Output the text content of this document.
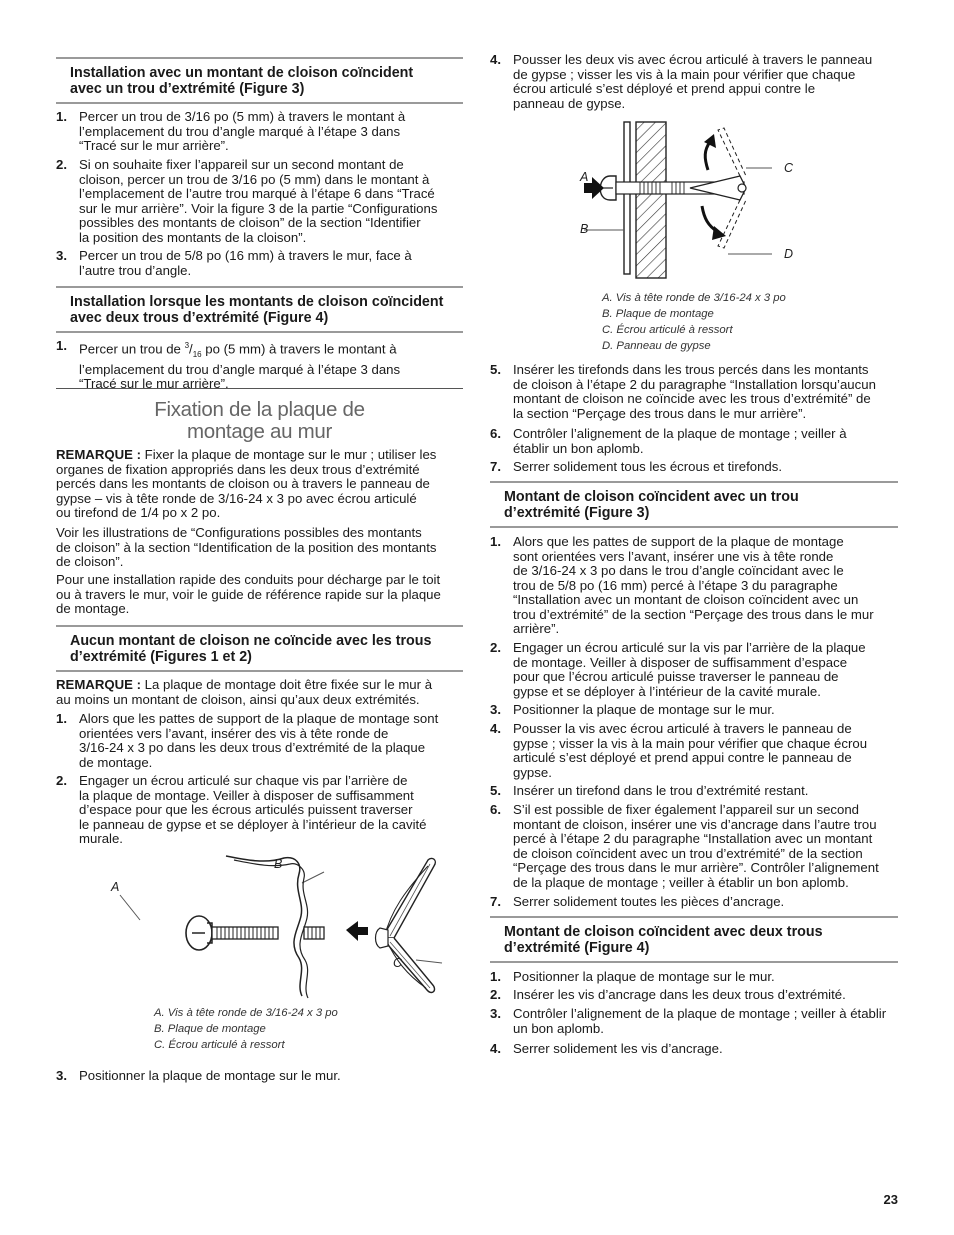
Installation avec un montant de cloison coïncident
avec un trou d’extrémité (Figure 3)
1. Percer un trou de 3/16 po (5 mm) à travers le montant à
l’emplacement du trou d’angle marqué à l’étape 3 dans
“Tracé sur le mur arrière”.
2. Si on souhaite fixer l’appareil sur un second montant de
cloison, percer un trou de 3/16 po (5 mm) dans le montant à
l’emplacement de l’autre trou marqué à l’étape 6 dans “Tracé
sur le mur arrière”. Voir la figure 3 de la partie “Configurations
possibles des montants de cloison” de la section “Identifier
la position des montants de la cloison”.
3. Percer un trou de 5/8 po (16 mm) à travers le mur, face à
l’autre trou d’angle.
Installation lorsque les montants de cloison coïncident
avec deux trous d’extrémité (Figure 4)
1. Percer un trou de $^3/_{16}$ po (5 mm) à travers le montant à
l’emplacement du trou d’angle marqué à l’étape 3 dans
“Tracé sur le mur arrière”.
Fixation de la plaque de
montage au mur
REMARQUE : Fixer la plaque de montage sur le mur ; utiliser les
organes de fixation appropriés dans les deux trous d’extrémité
percés dans les montants de cloison ou à travers le panneau de
gypse – vis à tête ronde de 3/16-24 x 3 po avec écrou articulé
ou tirefond de 1/4 po x 2 po.
Voir les illustrations de “Configurations possibles des montants
de cloison” à la section “Identification de la position des montants
de cloison”.
Pour une installation rapide des conduits pour décharge par le toit
ou à travers le mur, voir le guide de référence rapide sur la plaque
de montage.
Aucun montant de cloison ne coïncide avec les trous
d’extrémité (Figures 1 et 2)
REMARQUE : La plaque de montage doit être fixée sur le mur à
au moins un montant de cloison, ainsi qu’aux deux extrémités.
1. Alors que les pattes de support de la plaque de montage sont
orientées vers l’avant, insérer des vis à tête ronde de
3/16-24 x 3 po dans les deux trous d’extrémité de la plaque
de montage.
2. Engager un écrou articulé sur chaque vis par l’arrière de
la plaque de montage. Veiller à disposer de suffisamment
d’espace pour que les écrous articulés puissent traverser
le panneau de gypse et se déployer à l’intérieur de la cavité
murale.
A
B
C
A. Vis à tête ronde de 3/16-24 x 3 po
B. Plaque de montage
C. Écrou articulé à ressort
3. Positionner la plaque de montage sur le mur.
4. Pousser les deux vis avec écrou articulé à travers le panneau
de gypse ; visser les vis à la main pour vérifier que chaque
écrou articulé s’est déployé et prend appui contre le
panneau de gypse.
A
B
C
D
A. Vis à tête ronde de 3/16-24 x 3 po
B. Plaque de montage
C. Écrou articulé à ressort
D. Panneau de gypse
5. Insérer les tirefonds dans les trous percés dans les montants
de cloison à l’étape 2 du paragraphe “Installation lorsqu’aucun
montant de cloison ne coïncide avec les trous d’extrémité” de
la section “Perçage des trous dans le mur arrière”.
6. Contrôler l’alignement de la plaque de montage ; veiller à
établir un bon aplomb.
7. Serrer solidement tous les écrous et tirefonds.
Montant de cloison coïncident avec un trou
d’extrémité (Figure 3)
1. Alors que les pattes de support de la plaque de montage
sont orientées vers l’avant, insérer une vis à tête ronde
de 3/16-24 x 3 po dans le trou d’angle coïncidant avec le
trou de 5/8 po (16 mm) percé à l’étape 3 du paragraphe
“Installation avec un montant de cloison coïncident avec un
trou d’extrémité” de la section “Perçage des trous dans le mur
arrière”.
2. Engager un écrou articulé sur la vis par l’arrière de la plaque
de montage. Veiller à disposer de suffisamment d’espace
pour que l’écrou articulé puisse traverser le panneau de
gypse et se déployer à l’intérieur de la cavité murale.
3. Positionner la plaque de montage sur le mur.
4. Pousser la vis avec écrou articulé à travers le panneau de
gypse ; visser la vis à la main pour vérifier que chaque écrou
articulé s’est déployé et prend appui contre le panneau de
gypse.
5. Insérer un tirefond dans le trou d’extrémité restant.
6. S’il est possible de fixer également l’appareil sur un second
montant de cloison, insérer une vis d’ancrage dans l’autre trou
percé à l’étape 2 du paragraphe “Installation avec un montant
de cloison coïncident avec un trou d’extrémité” de la section
“Perçage des trous dans le mur arrière”. Contrôler l’alignement
de la plaque de montage ; veiller à établir un bon aplomb.
7. Serrer solidement toutes les pièces d’ancrage.
Montant de cloison coïncident avec deux trous
d’extrémité (Figure 4)
1. Positionner la plaque de montage sur le mur.
2. Insérer les vis d’ancrage dans les deux trous d’extrémité.
3. Contrôler l’alignement de la plaque de montage ; veiller à établir
un bon aplomb.
4. Serrer solidement les vis d’ancrage.
23
